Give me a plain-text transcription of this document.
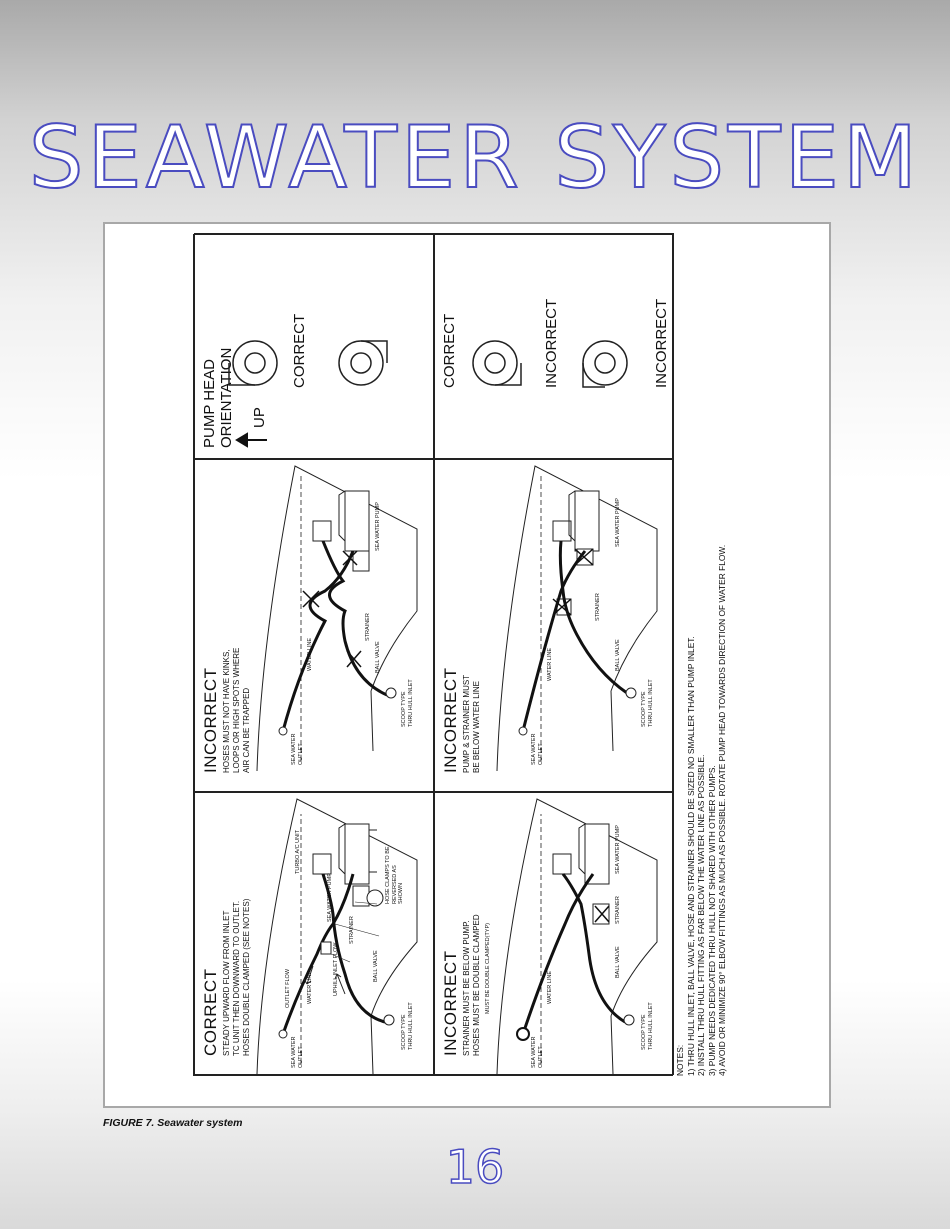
SEAWATER SYSTEM
CORRECT STEADY UPWARD FLOW FROM INLET TC UNIT THEN DOWNWARD TO OUTLET. HOSES DOUBLE CLAMPED (SEE NOTES)	SEA WATER OUTLET
OUTLET FLOW	WATER LINE	UPHILL INLET FLOW
SCOOP TYPE THRU HULL INLET
BALL VALVE
STRAINER
SEA WATER PUMP
TURBO A/C UNIT	HOSE CLAMPS TO BE REVERSED AS SHOWN
INCORRECT HOSES MUST NOT HAVE KINKS, LOOPS OR HIGH SPOTS WHERE AIR CAN BE TRAPPED	SEA WATER OUTLET
WATER LINE
SCOOP TYPE THRU HULL INLET
BALL VALVE
STRAINER
SEA WATER PUMP
PUMP HEAD ORIENTATION UP
CORRECT
INCORRECT STRAINER MUST BE BELOW PUMP. HOSES MUST BE DOUBLE CLAMPED	SEA WATER OUTLET
MUST BE DOUBLE CLAMPED(TYP)	WATER LINE
SCOOP TYPE THRU HULL INLET
BALL VALVE
STRAINER
SEA WATER PUMP
INCORRECT PUMP & STRAINER MUST BE BELOW WATER LINE	SEA WATER OUTLET
WATER LINE
SCOOP TYPE THRU HULL INLET
BALL VALVE
STRAINER
SEA WATER PUMP
CORRECT	INCORRECT	INCORRECT
NOTES: 1) THRU HULL INLET, BALL VALVE, HOSE AND STRAINER SHOULD BE SIZED NO SMALLER THAN PUMP INLET. 2) INSTALL THRU HULL FITTING AS FAR BELOW THE WATER LINE AS POSSIBLE. 3) PUMP NEEDS DEDICATED THRU HULL NOT SHARED WITH OTHER PUMPS. 4) AVOID OR MINIMIZE 90° ELBOW FITTINGS AS MUCH AS POSSIBLE. ROTATE PUMP HEAD TOWARDS DIRECTION OF WATER FLOW.
FIGURE 7. Seawater system
16
